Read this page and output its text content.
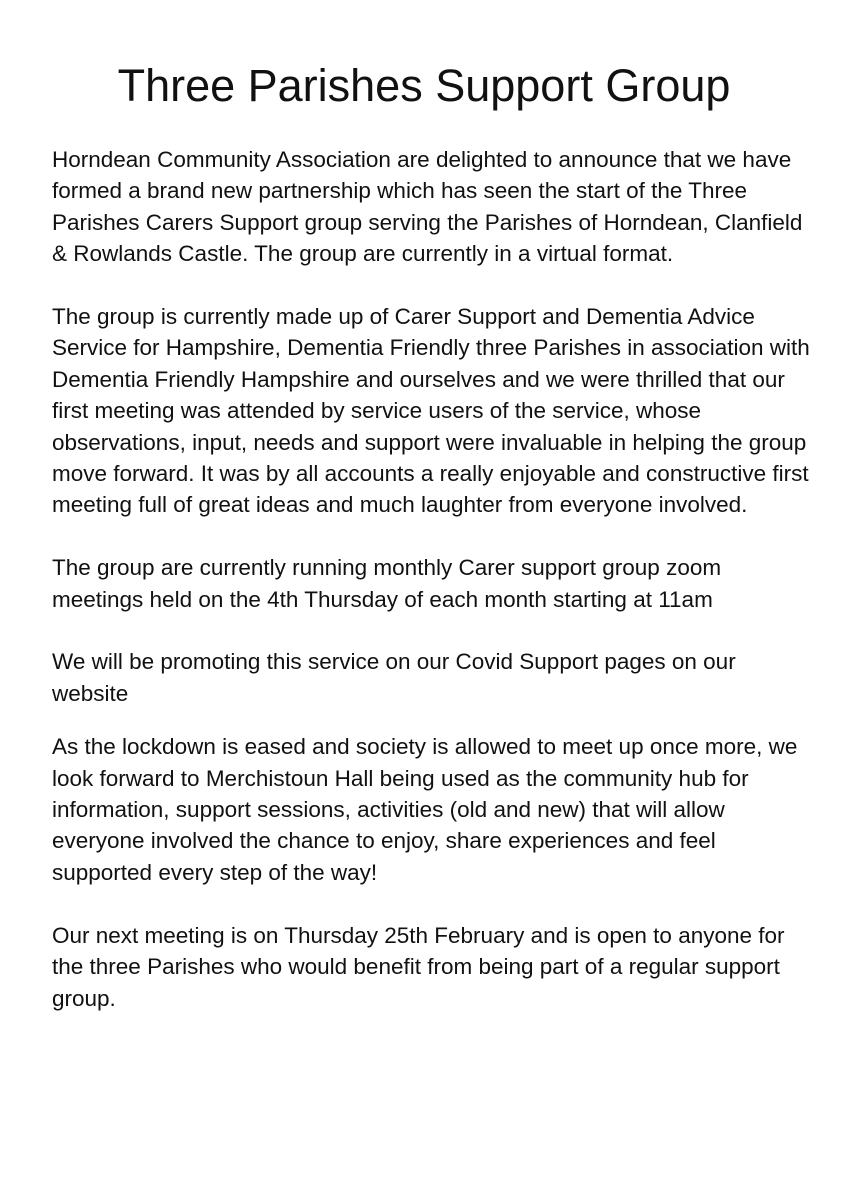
Three Parishes Support Group

Horndean Community Association are delighted to announce that we have formed a brand new partnership which has seen the start of the Three Parishes Carers Support group serving the Parishes of Horndean, Clanfield & Rowlands Castle. The group are currently in a virtual format.

The group is currently made up of Carer Support and Dementia Advice Service for Hampshire, Dementia Friendly three Parishes in association with Dementia Friendly Hampshire and ourselves and we were thrilled that our first meeting was attended by service users of the service, whose observations, input, needs and support were invaluable in helping the group move forward. It was by all accounts a really enjoyable and constructive first meeting full of great ideas and much laughter from everyone involved.

The group are currently running monthly Carer support group zoom meetings held on the 4th Thursday of each month starting at 11am

We will be promoting this service on our Covid Support pages on our website

As the lockdown is eased and society is allowed to meet up once more, we look forward to Merchistoun Hall being used as the community hub for information, support sessions, activities (old and new) that will allow everyone involved the chance to enjoy, share experiences and feel supported every step of the way!

Our next meeting is on Thursday 25th February and is open to anyone for the three Parishes who would benefit from being part of a regular support group.
